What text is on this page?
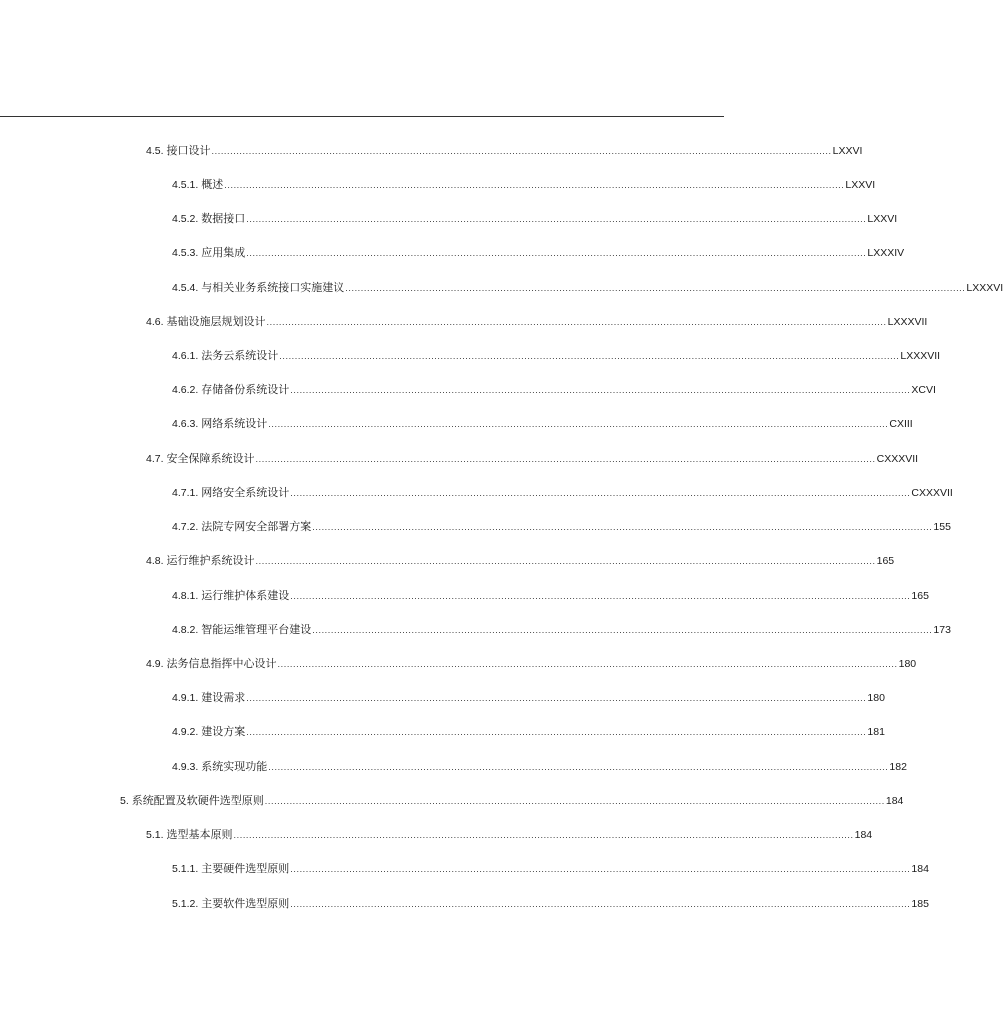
4.5. 接口设计 ........................................................................................................................................................................................................ LXXVI
4.5.1. 概述 ........................................................................................................................................................................................................ LXXVI
4.5.2. 数据接口 ........................................................................................................................................................................................................ LXXVI
4.5.3. 应用集成 ........................................................................................................................................................................................................ LXXXIV
4.5.4. 与相关业务系统接口实施建议 ........................................................................................................................................................................................................ LXXXVI
4.6. 基础设施层规划设计 ........................................................................................................................................................................................................ LXXXVII
4.6.1. 法务云系统设计 ........................................................................................................................................................................................................ LXXXVII
4.6.2. 存储备份系统设计 ........................................................................................................................................................................................................ XCVI
4.6.3. 网络系统设计 ........................................................................................................................................................................................................ CXIII
4.7. 安全保障系统设计 ........................................................................................................................................................................................................ CXXXVII
4.7.1. 网络安全系统设计 ........................................................................................................................................................................................................ CXXXVII
4.7.2. 法院专网安全部署方案 ........................................................................................................................................................................................................ 155
4.8. 运行维护系统设计 ........................................................................................................................................................................................................ 165
4.8.1. 运行维护体系建设 ........................................................................................................................................................................................................ 165
4.8.2. 智能运维管理平台建设 ........................................................................................................................................................................................................ 173
4.9. 法务信息指挥中心设计 ........................................................................................................................................................................................................ 180
4.9.1. 建设需求 ........................................................................................................................................................................................................ 180
4.9.2. 建设方案 ........................................................................................................................................................................................................ 181
4.9.3. 系统实现功能 ........................................................................................................................................................................................................ 182
5. 系统配置及软硬件选型原则 ........................................................................................................................................................................................................ 184
5.1. 选型基本原则 ........................................................................................................................................................................................................ 184
5.1.1. 主要硬件选型原则 ........................................................................................................................................................................................................ 184
5.1.2. 主要软件选型原则 ........................................................................................................................................................................................................ 185
